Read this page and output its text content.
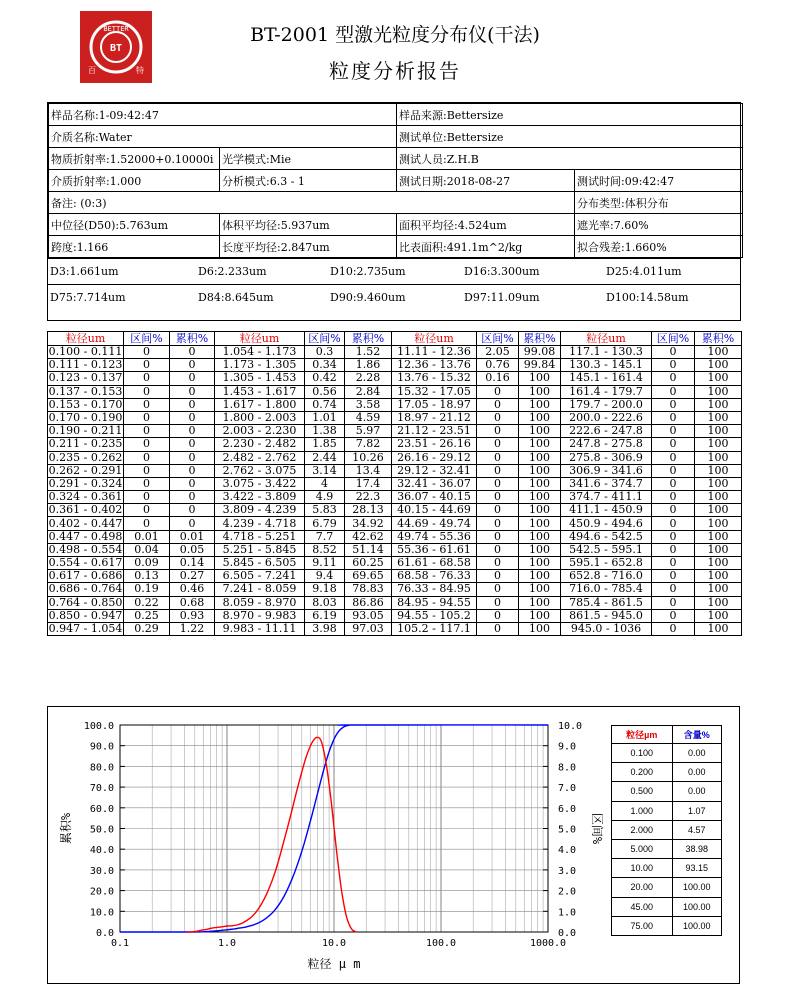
BETTER
BT
百	特
BT-2001 型激光粒度分布仪(干法)
粒度分析报告
样品名称:1-09:42:47		样品来源:Bettersize	
介质名称:Water		测试单位:Bettersize	
物质折射率:1.52000+0.10000i	光学模式:Mie	测试人员:Z.H.B	
介质折射率:1.000	分析模式:6.3 - 1	测试日期:2018-08-27	测试时间:09:42:47
备注: (0:3)			分布类型:体积分布
中位径(D50):5.763um	体积平均径:5.937um	面积平均径:4.524um	遮光率:7.60%
跨度:1.166	长度平均径:2.847um	比表面积:491.1m^2/kg	拟合残差:1.660%
D3:1.661um	D6:2.233um	D10:2.735um	D16:3.300um	D25:4.011um
D75:7.714um	D84:8.645um	D90:9.460um	D97:11.09um	D100:14.58um
粒径um	区间%	累积%	粒径um	区间%	累积%	粒径um	区间%	累积%	粒径um	区间%	累积%
0.100 - 0.111	0	0	1.054 - 1.173	0.3	1.52	11.11 - 12.36	2.05	99.08	117.1 - 130.3	0	100
0.111 - 0.123	0	0	1.173 - 1.305	0.34	1.86	12.36 - 13.76	0.76	99.84	130.3 - 145.1	0	100
0.123 - 0.137	0	0	1.305 - 1.453	0.42	2.28	13.76 - 15.32	0.16	100	145.1 - 161.4	0	100
0.137 - 0.153	0	0	1.453 - 1.617	0.56	2.84	15.32 - 17.05	0	100	161.4 - 179.7	0	100
0.153 - 0.170	0	0	1.617 - 1.800	0.74	3.58	17.05 - 18.97	0	100	179.7 - 200.0	0	100
0.170 - 0.190	0	0	1.800 - 2.003	1.01	4.59	18.97 - 21.12	0	100	200.0 - 222.6	0	100
0.190 - 0.211	0	0	2.003 - 2.230	1.38	5.97	21.12 - 23.51	0	100	222.6 - 247.8	0	100
0.211 - 0.235	0	0	2.230 - 2.482	1.85	7.82	23.51 - 26.16	0	100	247.8 - 275.8	0	100
0.235 - 0.262	0	0	2.482 - 2.762	2.44	10.26	26.16 - 29.12	0	100	275.8 - 306.9	0	100
0.262 - 0.291	0	0	2.762 - 3.075	3.14	13.4	29.12 - 32.41	0	100	306.9 - 341.6	0	100
0.291 - 0.324	0	0	3.075 - 3.422	4	17.4	32.41 - 36.07	0	100	341.6 - 374.7	0	100
0.324 - 0.361	0	0	3.422 - 3.809	4.9	22.3	36.07 - 40.15	0	100	374.7 - 411.1	0	100
0.361 - 0.402	0	0	3.809 - 4.239	5.83	28.13	40.15 - 44.69	0	100	411.1 - 450.9	0	100
0.402 - 0.447	0	0	4.239 - 4.718	6.79	34.92	44.69 - 49.74	0	100	450.9 - 494.6	0	100
0.447 - 0.498	0.01	0.01	4.718 - 5.251	7.7	42.62	49.74 - 55.36	0	100	494.6 - 542.5	0	100
0.498 - 0.554	0.04	0.05	5.251 - 5.845	8.52	51.14	55.36 - 61.61	0	100	542.5 - 595.1	0	100
0.554 - 0.617	0.09	0.14	5.845 - 6.505	9.11	60.25	61.61 - 68.58	0	100	595.1 - 652.8	0	100
0.617 - 0.686	0.13	0.27	6.505 - 7.241	9.4	69.65	68.58 - 76.33	0	100	652.8 - 716.0	0	100
0.686 - 0.764	0.19	0.46	7.241 - 8.059	9.18	78.83	76.33 - 84.95	0	100	716.0 - 785.4	0	100
0.764 - 0.850	0.22	0.68	8.059 - 8.970	8.03	86.86	84.95 - 94.55	0	100	785.4 - 861.5	0	100
0.850 - 0.947	0.25	0.93	8.970 - 9.983	6.19	93.05	94.55 - 105.2	0	100	861.5 - 945.0	0	100
0.947 - 1.054	0.29	1.22	9.983 - 11.11	3.98	97.03	105.2 - 117.1	0	100	945.0 - 1036	0	100
0.0
10.0
20.0
30.0
40.0
50.0
60.0
70.0
80.0
90.0
100.0
0.0
1.0
2.0
3.0
4.0
5.0
6.0
7.0
8.0
9.0
10.0
0.1	1.0	10.0	100.0	1000.0
粒径 μ m
累积%	区间%
粒径µm	含量%
0.100	0.00
0.200	0.00
0.500	0.00
1.000	1.07
2.000	4.57
5.000	38.98
10.00	93.15
20.00	100.00
45.00	100.00
75.00	100.00
